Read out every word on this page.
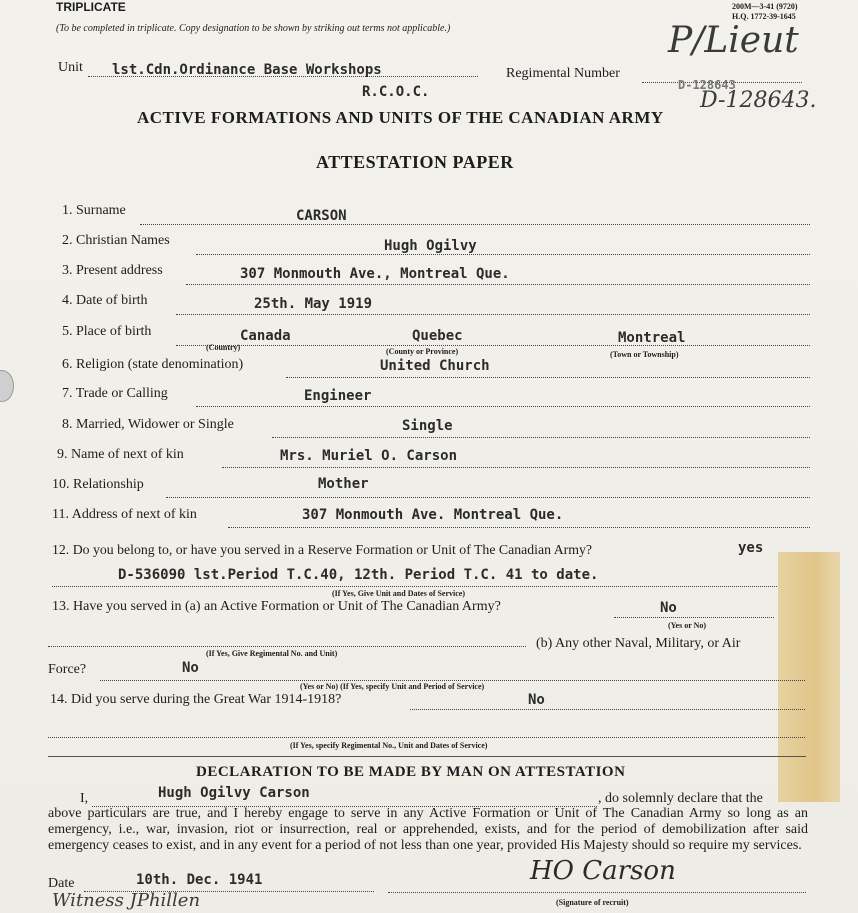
TRIPLICATE
(To be completed in triplicate. Copy designation to be shown by striking out terms not applicable.)
200M—3-41 (9720)
H.Q. 1772-39-1645
P/Lieut
Unit lst.Cdn.Ordinance Base Workshops
R.C.O.C.
Regimental Number
D-128643
D-128643.
ACTIVE FORMATIONS AND UNITS OF THE CANADIAN ARMY
ATTESTATION PAPER
1. Surname	CARSON
2. Christian Names	Hugh Ogilvy
3. Present address	307 Monmouth Ave., Montreal Que.
4. Date of birth	25th. May 1919
5. Place of birth	Canada	Quebec	Montreal
(Country)	(County or Province)	(Town or Township)
6. Religion (state denomination)	United Church
7. Trade or Calling	Engineer
8. Married, Widower or Single	Single
9. Name of next of kin	Mrs. Muriel O. Carson
10. Relationship	Mother
11. Address of next of kin	307 Monmouth Ave. Montreal Que.
12. Do you belong to, or have you served in a Reserve Formation or Unit of The Canadian Army?	yes
D-536090 lst.Period T.C.40, 12th. Period T.C. 41 to date.
(If Yes, Give Unit and Dates of Service)
13. Have you served in (a) an Active Formation or Unit of The Canadian Army?	No
(Yes or No)
(b) Any other Naval, Military, or Air
(If Yes, Give Regimental No. and Unit)
Force?	No
(Yes or No) (If Yes, specify Unit and Period of Service)
14. Did you serve during the Great War 1914-1918?	No
(If Yes, specify Regimental No., Unit and Dates of Service)
DECLARATION TO BE MADE BY MAN ON ATTESTATION
I,	Hugh Ogilvy Carson	, do solemnly declare that the
above particulars are true, and I hereby engage to serve in any Active Formation or Unit of The Canadian Army so long as an emergency, i.e., war, invasion, riot or insurrection, real or apprehended, exists, and for the period of demobilization after said emergency ceases to exist, and in any event for a period of not less than one year, provided His Majesty should so require my services.
Date	10th. Dec. 1941	HO Carson
(Signature of recruit)
Witness JPhillen
